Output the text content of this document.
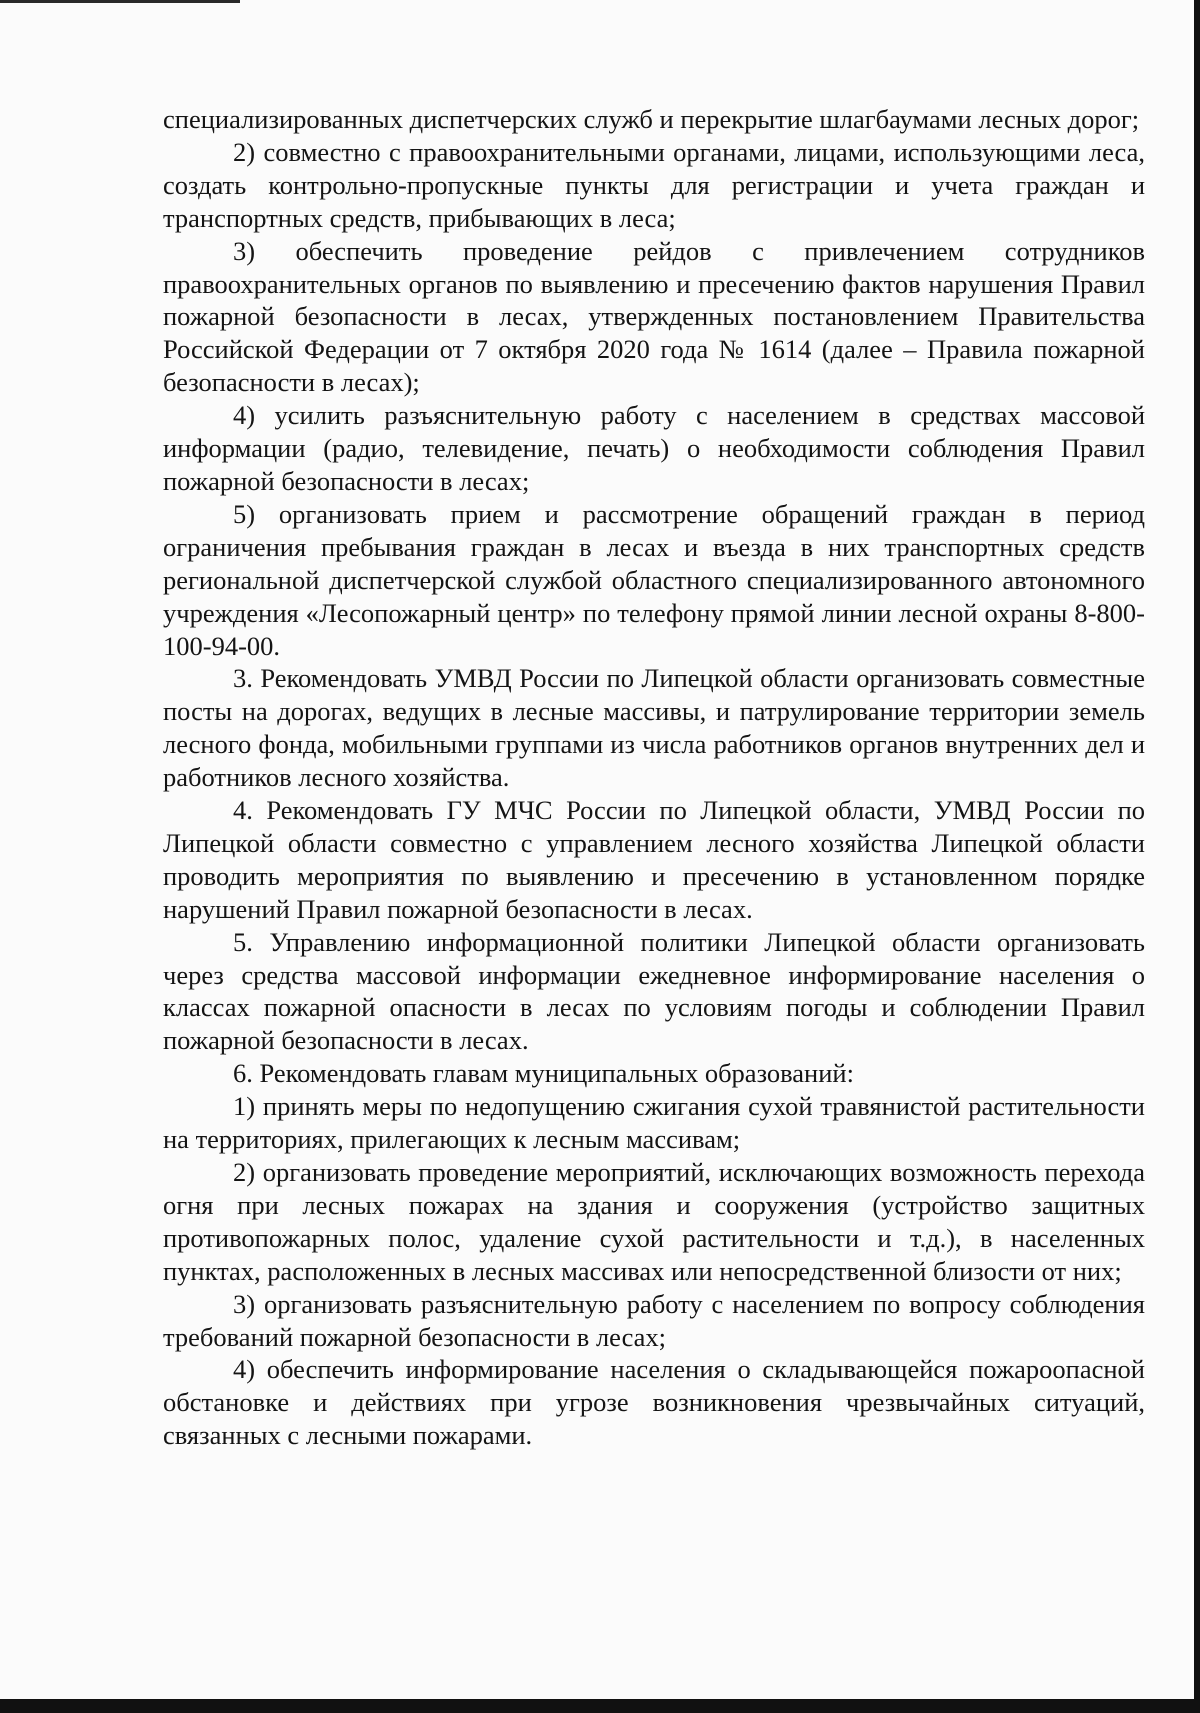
специализированных диспетчерских служб и перекрытие шлагбаумами лесных дорог;

2) совместно с правоохранительными органами, лицами, использующими леса, создать контрольно-пропускные пункты для регистрации и учета граждан и транспортных средств, прибывающих в леса;

3) обеспечить проведение рейдов с привлечением сотрудников правоохранительных органов по выявлению и пресечению фактов нарушения Правил пожарной безопасности в лесах, утвержденных постановлением Правительства Российской Федерации от 7 октября 2020 года № 1614 (далее – Правила пожарной безопасности в лесах);

4) усилить разъяснительную работу с населением в средствах массовой информации (радио, телевидение, печать) о необходимости соблюдения Правил пожарной безопасности в лесах;

5) организовать прием и рассмотрение обращений граждан в период ограничения пребывания граждан в лесах и въезда в них транспортных средств региональной диспетчерской службой областного специализированного автономного учреждения «Лесопожарный центр» по телефону прямой линии лесной охраны 8-800-100-94-00.

3. Рекомендовать УМВД России по Липецкой области организовать совместные посты на дорогах, ведущих в лесные массивы, и патрулирование территории земель лесного фонда, мобильными группами из числа работников органов внутренних дел и работников лесного хозяйства.

4. Рекомендовать ГУ МЧС России по Липецкой области, УМВД России по Липецкой области совместно с управлением лесного хозяйства Липецкой области проводить мероприятия по выявлению и пресечению в установленном порядке нарушений Правил пожарной безопасности в лесах.

5. Управлению информационной политики Липецкой области организовать через средства массовой информации ежедневное информирование населения о классах пожарной опасности в лесах по условиям погоды и соблюдении Правил пожарной безопасности в лесах.

6. Рекомендовать главам муниципальных образований:

1) принять меры по недопущению сжигания сухой травянистой растительности на территориях, прилегающих к лесным массивам;

2) организовать проведение мероприятий, исключающих возможность перехода огня при лесных пожарах на здания и сооружения (устройство защитных противопожарных полос, удаление сухой растительности и т.д.), в населенных пунктах, расположенных в лесных массивах или непосредственной близости от них;

3) организовать разъяснительную работу с населением по вопросу соблюдения требований пожарной безопасности в лесах;

4) обеспечить информирование населения о складывающейся пожароопасной обстановке и действиях при угрозе возникновения чрезвычайных ситуаций, связанных с лесными пожарами.
